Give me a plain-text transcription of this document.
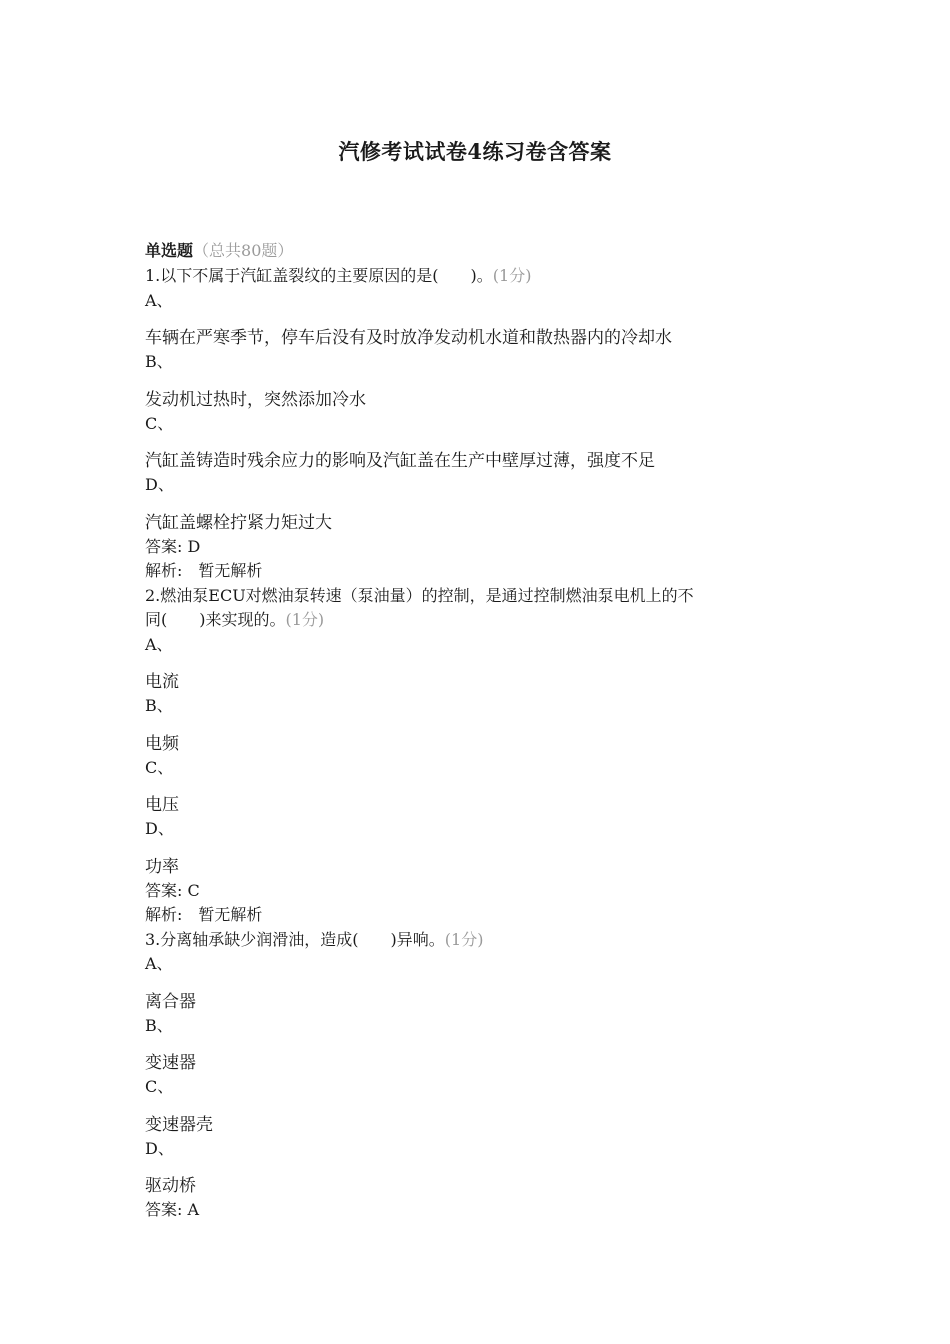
汽修考试试卷4练习卷含答案
单选题（总共80题）
1.以下不属于汽缸盖裂纹的主要原因的是(　　)。(1分)
A、
车辆在严寒季节，停车后没有及时放净发动机水道和散热器内的冷却水
B、
发动机过热时，突然添加冷水
C、
汽缸盖铸造时残余应力的影响及汽缸盖在生产中壁厚过薄，强度不足
D、
汽缸盖螺栓拧紧力矩过大
答案: D
解析:　暂无解析
2.燃油泵ECU对燃油泵转速（泵油量）的控制，是通过控制燃油泵电机上的不
同(　　)来实现的。(1分)
A、
电流
B、
电频
C、
电压
D、
功率
答案: C
解析:　暂无解析
3.分离轴承缺少润滑油，造成(　　)异响。(1分)
A、
离合器
B、
变速器
C、
变速器壳
D、
驱动桥
答案: A
